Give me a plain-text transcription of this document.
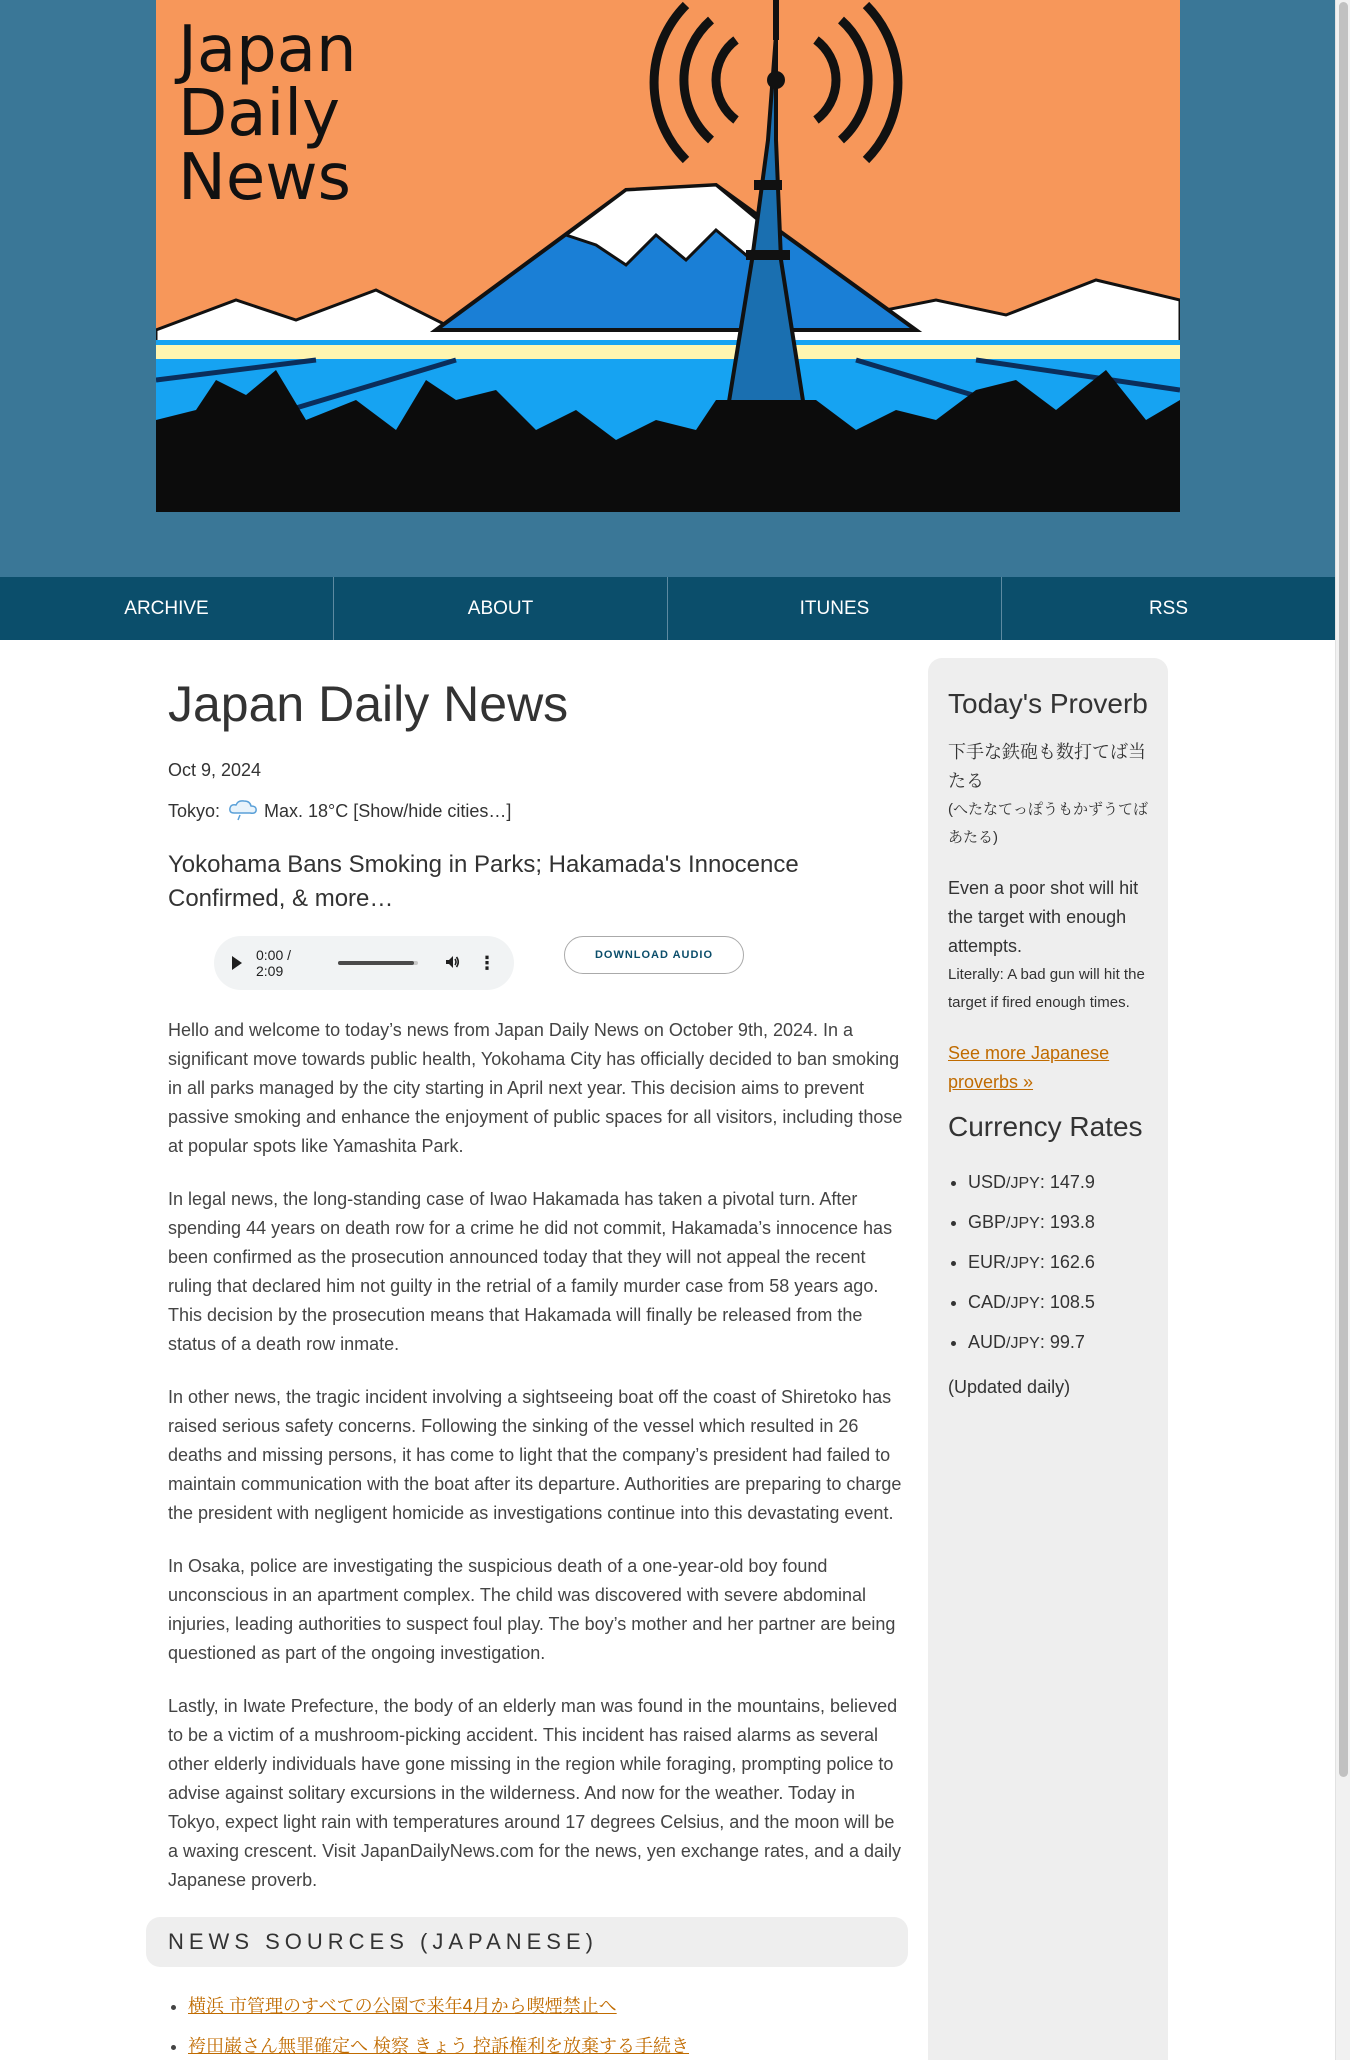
Japan
Daily
News
ARCHIVE	ABOUT	ITUNES	RSS
Japan Daily News
Oct 9, 2024
Tokyo: Max. 18°C
[Show/hide cities…]
Yokohama Bans Smoking in Parks; Hakamada's Innocence Confirmed, & more…
0:00 / 2:09	⋮	DOWNLOAD AUDIO

Hello and welcome to today’s news from Japan Daily News on October 9th, 2024. In a significant move towards public health, Yokohama City has officially decided to ban smoking in all parks managed by the city starting in April next year. This decision aims to prevent passive smoking and enhance the enjoyment of public spaces for all visitors, including those at popular spots like Yamashita Park.

In legal news, the long-standing case of Iwao Hakamada has taken a pivotal turn. After spending 44 years on death row for a crime he did not commit, Hakamada’s innocence has been confirmed as the prosecution announced today that they will not appeal the recent ruling that declared him not guilty in the retrial of a family murder case from 58 years ago. This decision by the prosecution means that Hakamada will finally be released from the status of a death row inmate.

In other news, the tragic incident involving a sightseeing boat off the coast of Shiretoko has raised serious safety concerns. Following the sinking of the vessel which resulted in 26 deaths and missing persons, it has come to light that the company’s president had failed to maintain communication with the boat after its departure. Authorities are preparing to charge the president with negligent homicide as investigations continue into this devastating event.

In Osaka, police are investigating the suspicious death of a one-year-old boy found unconscious in an apartment complex. The child was discovered with severe abdominal injuries, leading authorities to suspect foul play. The boy’s mother and her partner are being questioned as part of the ongoing investigation.

Lastly, in Iwate Prefecture, the body of an elderly man was found in the mountains, believed to be a victim of a mushroom-picking accident. This incident has raised alarms as several other elderly individuals have gone missing in the region while foraging, prompting police to advise against solitary excursions in the wilderness. And now for the weather. Today in Tokyo, expect light rain with temperatures around 17 degrees Celsius, and the moon will be a waxing crescent. Visit JapanDailyNews.com for the news, yen exchange rates, and a daily Japanese proverb.

NEWS SOURCES (JAPANESE)
• 横浜 市管理のすべての公園で来年4月から喫煙禁止へ
• 袴田巌さん無罪確定へ 検察 きょう 控訴権利を放棄する手続き
Today's Proverb
下手な鉄砲も数打てば当たる
(へたなてっぽうもかずうてばあたる)
Even a poor shot will hit the target with enough attempts.
Literally: A bad gun will hit the target if fired enough times.
See more Japanese proverbs »
Currency Rates
• USD/JPY: 147.9
• GBP/JPY: 193.8
• EUR/JPY: 162.6
• CAD/JPY: 108.5
• AUD/JPY: 99.7
(Updated daily)
